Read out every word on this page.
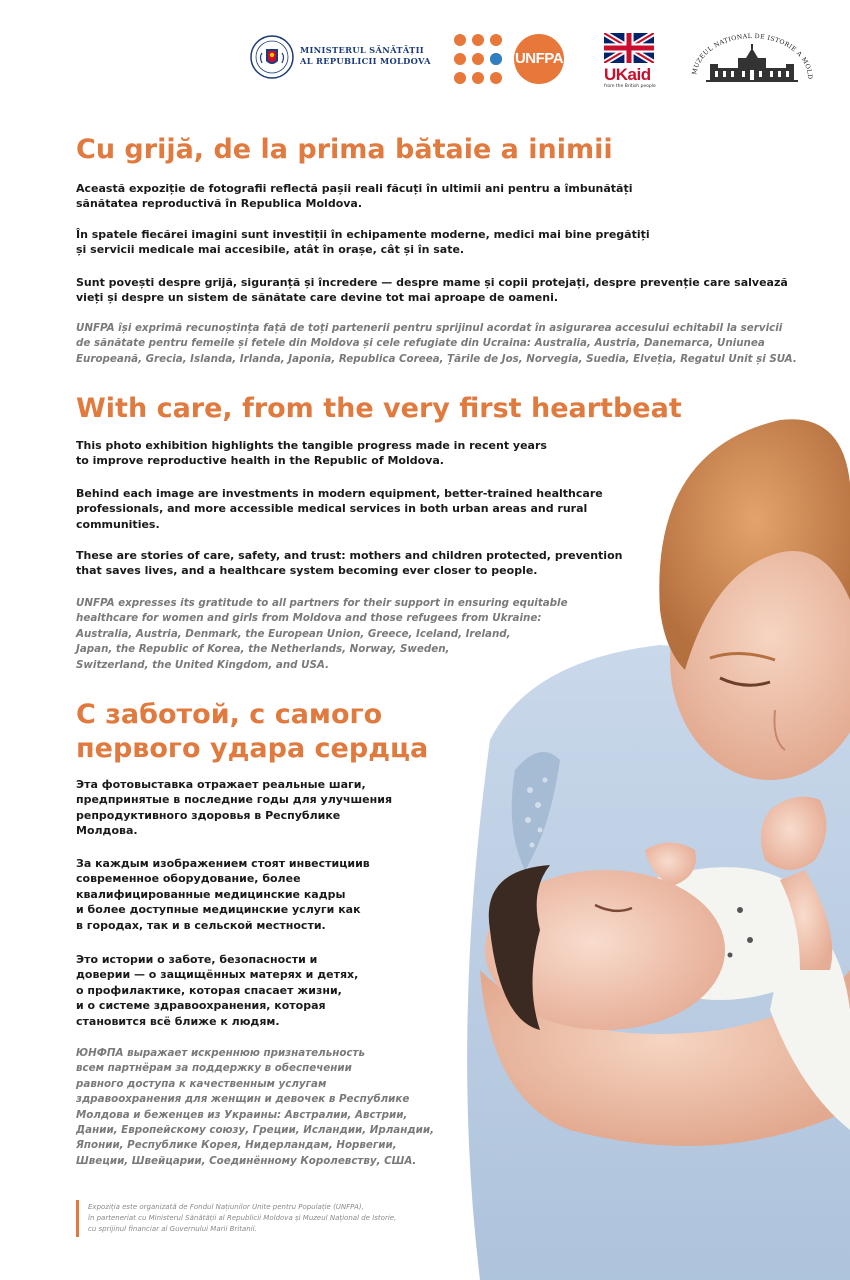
MINISTERUL SĂNĂTĂȚII
AL REPUBLICII MOLDOVA	UNFPA
UKaid
from the British people
MUZEUL NAȚIONAL DE ISTORIE A MOLD
Cu grijă, de la prima bătaie a inimii
Această expoziție de fotografii reflectă pașii reali făcuți în ultimii ani pentru a îmbunătăți
sănătatea reproductivă în Republica Moldova.
În spatele fiecărei imagini sunt investiții în echipamente moderne, medici mai bine pregătiți
și servicii medicale mai accesibile, atât în orașe, cât și în sate.
Sunt povești despre grijă, siguranță și încredere — despre mame și copii protejați, despre prevenție care salvează
vieți și despre un sistem de sănătate care devine tot mai aproape de oameni.
UNFPA își exprimă recunoștința față de toți partenerii pentru sprijinul acordat în asigurarea accesului echitabil la servicii
de sănătate pentru femeile și fetele din Moldova și cele refugiate din Ucraina: Australia, Austria, Danemarca, Uniunea
Europeană, Grecia, Islanda, Irlanda, Japonia, Republica Coreea, Țările de Jos, Norvegia, Suedia, Elveția, Regatul Unit și SUA.
With care, from the very first heartbeat
This photo exhibition highlights the tangible progress made in recent years
to improve reproductive health in the Republic of Moldova.
Behind each image are investments in modern equipment, better-trained healthcare
professionals, and more accessible medical services in both urban areas and rural
communities.
These are stories of care, safety, and trust: mothers and children protected, prevention
that saves lives, and a healthcare system becoming ever closer to people.
UNFPA expresses its gratitude to all partners for their support in ensuring equitable
healthcare for women and girls from Moldova and those refugees from Ukraine:
Australia, Austria, Denmark, the European Union, Greece, Iceland, Ireland,
Japan, the Republic of Korea, the Netherlands, Norway, Sweden,
Switzerland, the United Kingdom, and USA.
С заботой, с самого
первого удара сердца
Эта фотовыставка отражает реальные шаги,
предпринятые в последние годы для улучшения
репродуктивного здоровья в Республике
Молдова.
За каждым изображением стоят инвестициив
современное оборудование, более
квалифицированные медицинские кадры
и более доступные медицинские услуги как
в городах, так и в сельской местности.
Это истории о заботе, безопасности и
доверии — о защищённых матерях и детях,
о профилактике, которая спасает жизни,
и о системе здравоохранения, которая
становится всё ближе к людям.
ЮНФПА выражает искреннюю признательность
всем партнёрам за поддержку в обеспечении
равного доступа к качественным услугам
здравоохранения для женщин и девочек в Республике
Молдова и беженцев из Украины: Австралии, Австрии,
Дании, Европейскому союзу, Греции, Исландии, Ирландии,
Японии, Республике Корея, Нидерландам, Норвегии,
Швеции, Швейцарии, Соединённому Королевству, США.
Expoziția este organizată de Fondul Națiunilor Unite pentru Populație (UNFPA),
în parteneriat cu Ministerul Sănătății al Republicii Moldova și Muzeul Național de Istorie,
cu sprijinul financiar al Guvernului Marii Britanii.
